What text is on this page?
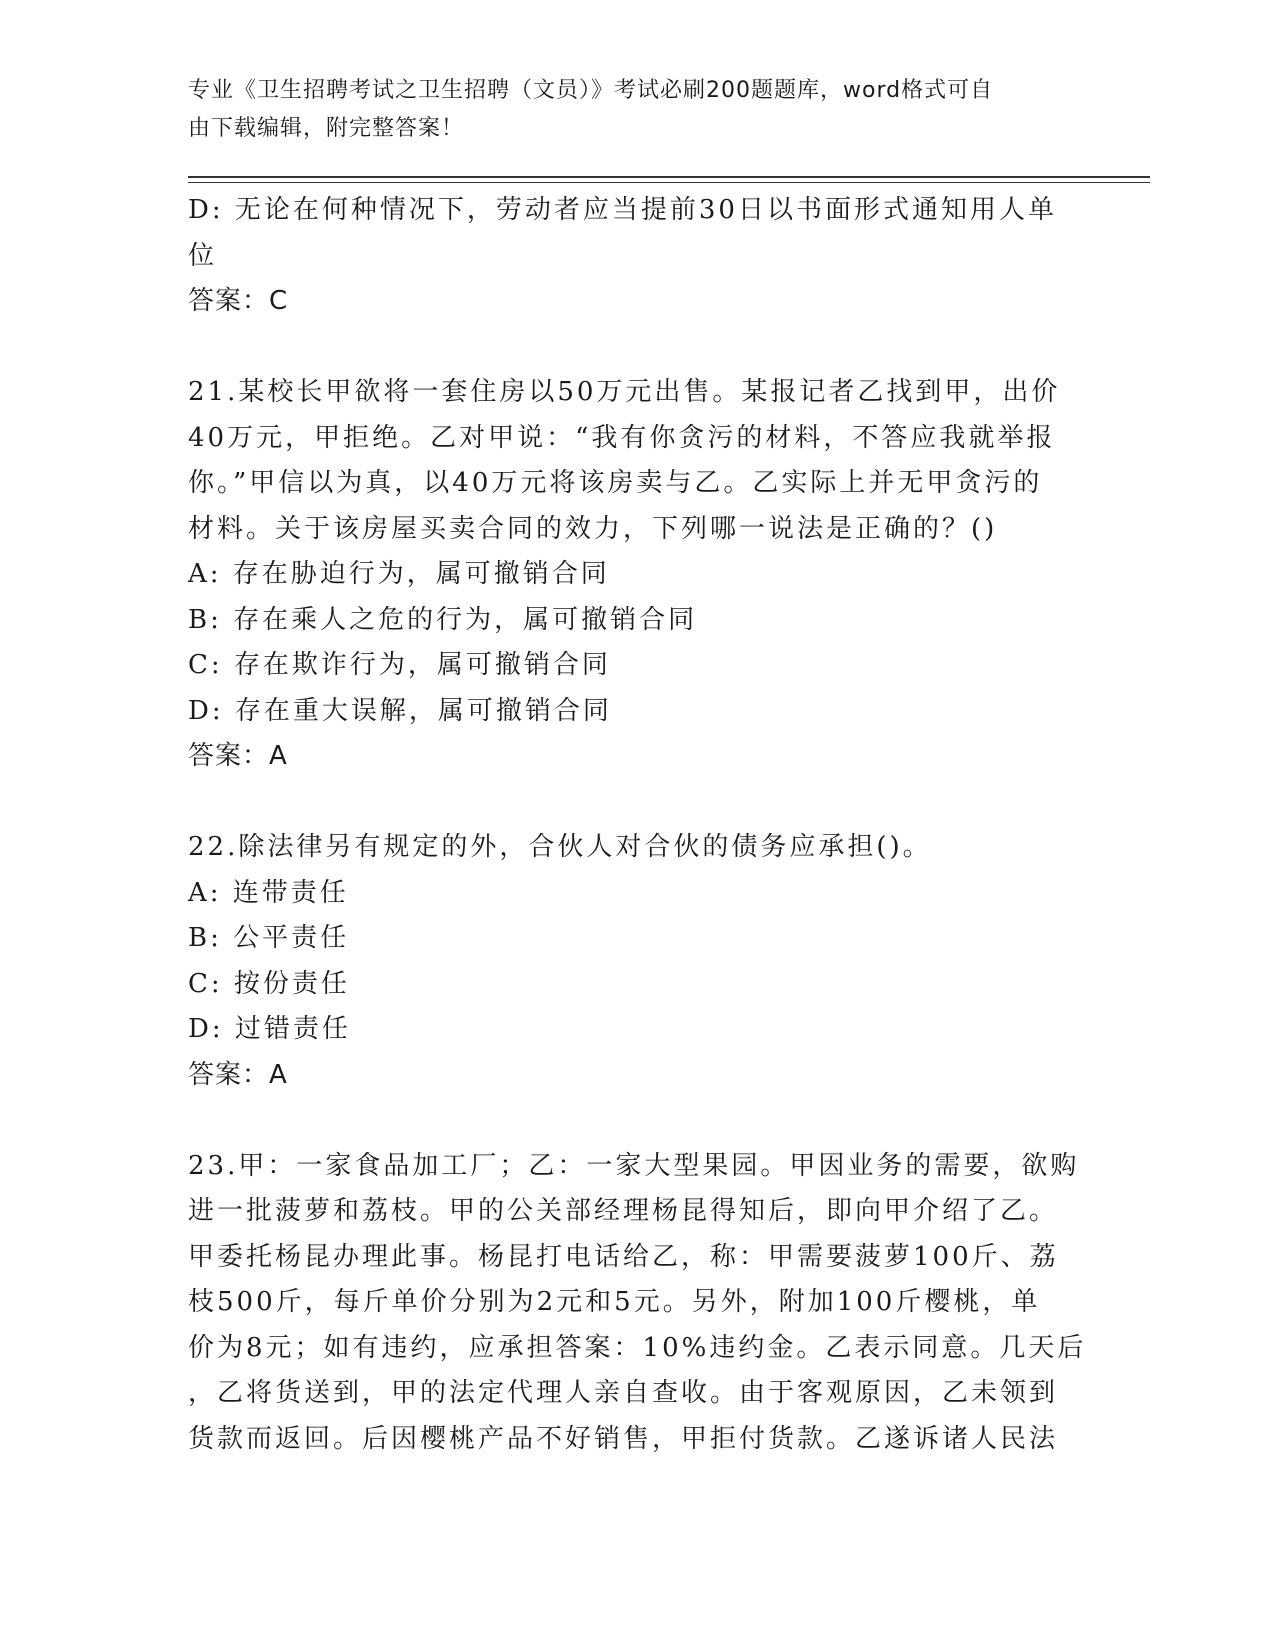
专业《卫生招聘考试之卫生招聘（文员）》考试必刷200题题库，word格式可自
由下载编辑，附完整答案！
D: 无论在何种情况下，劳动者应当提前30日以书面形式通知用人单
位
答案：C
21.某校长甲欲将一套住房以50万元出售。某报记者乙找到甲，出价
40万元，甲拒绝。乙对甲说：“我有你贪污的材料，不答应我就举报
你。”甲信以为真，以40万元将该房卖与乙。乙实际上并无甲贪污的
材料。关于该房屋买卖合同的效力，下列哪一说法是正确的？()
A: 存在胁迫行为，属可撤销合同
B: 存在乘人之危的行为，属可撤销合同
C: 存在欺诈行为，属可撤销合同
D: 存在重大误解，属可撤销合同
答案：A
22.除法律另有规定的外，合伙人对合伙的债务应承担()。
A: 连带责任
B: 公平责任
C: 按份责任
D: 过错责任
答案：A
23.甲：一家食品加工厂；乙：一家大型果园。甲因业务的需要，欲购
进一批菠萝和荔枝。甲的公关部经理杨昆得知后，即向甲介绍了乙。
甲委托杨昆办理此事。杨昆打电话给乙，称：甲需要菠萝100斤、荔
枝500斤，每斤单价分别为2元和5元。另外，附加100斤樱桃，单
价为8元；如有违约，应承担答案：10%违约金。乙表示同意。几天后
，乙将货送到，甲的法定代理人亲自查收。由于客观原因，乙未领到
货款而返回。后因樱桃产品不好销售，甲拒付货款。乙遂诉诸人民法
